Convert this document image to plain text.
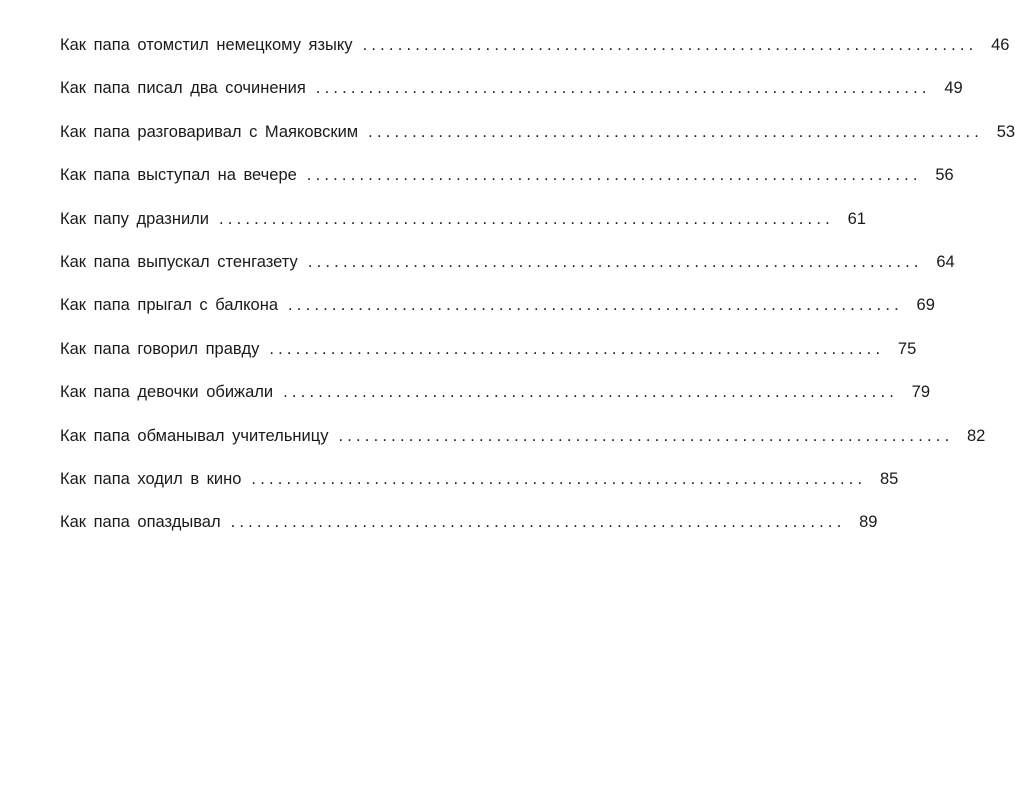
Как папа отомстил немецкому языку ...................................................................... 46
Как папа писал два сочинения ...................................................................... 49
Как папа разговаривал с Маяковским ...................................................................... 53
Как папа выступал на вечере ...................................................................... 56
Как папу дразнили ...................................................................... 61
Как папа выпускал стенгазету ...................................................................... 64
Как папа прыгал с балкона ...................................................................... 69
Как папа говорил правду ...................................................................... 75
Как папа девочки обижали ...................................................................... 79
Как папа обманывал учительницу ...................................................................... 82
Как папа ходил в кино ...................................................................... 85
Как папа опаздывал ...................................................................... 89
